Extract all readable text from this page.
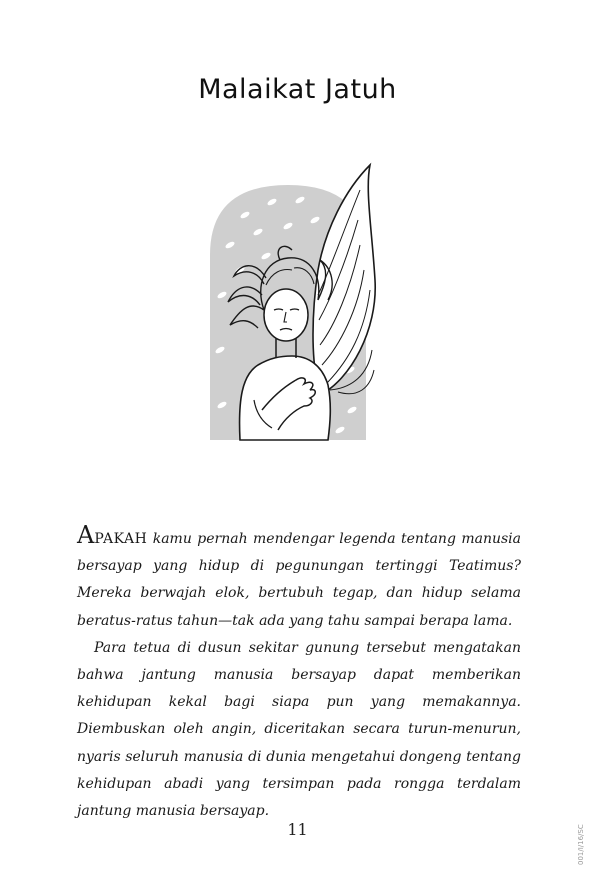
Malaikat Jatuh

APAKAH kamu pernah mendengar legenda tentang manusia bersayap yang hidup di pegunungan tertinggi Teatimus? Mereka berwajah elok, bertubuh tegap, dan hidup selama beratus-ratus tahun—tak ada yang tahu sampai berapa lama.

Para tetua di dusun sekitar gunung tersebut mengatakan bahwa jantung manusia bersayap dapat memberikan kehidupan kekal bagi siapa pun yang memakannya. Diembuskan oleh angin, diceritakan secara turun-menurun, nyaris seluruh manusia di dunia mengetahui dongeng tentang kehidupan abadi yang tersimpan pada rongga terdalam jantung manusia bersayap.

11	001/I/16/SC
